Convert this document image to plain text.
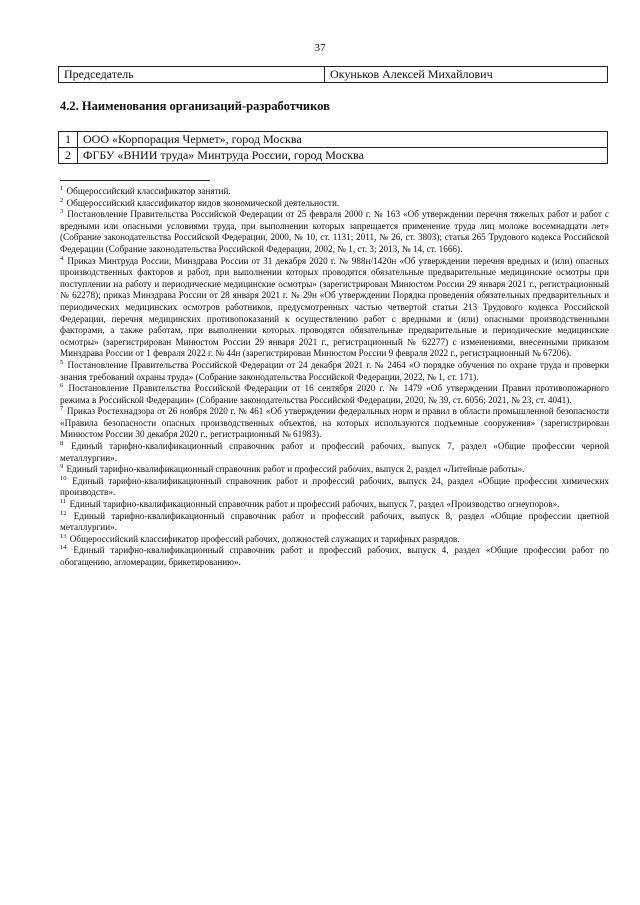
37
Председатель	Окуньков Алексей Михайлович
4.2. Наименования организаций-разработчиков
1	ООО «Корпорация Чермет», город Москва
2	ФГБУ «ВНИИ труда» Минтруда России, город Москва

$^1$ Общероссийский классификатор занятий.

$^2$ Общероссийский классификатор видов экономической деятельности.

$^3$ Постановление Правительства Российской Федерации от 25 февраля 2000 г. № 163 «Об утверждении перечня тяжелых работ и работ с вредными или опасными условиями труда, при выполнении которых запрещается применение труда лиц моложе восемнадцати лет» (Собрание законодательства Российской Федерации, 2000, № 10, ст. 1131; 2011, № 26, ст. 3803); статья 265 Трудового кодекса Российской Федерации (Собрание законодательства Российской Федерации, 2002, № 1, ст. 3; 2013, № 14, ст. 1666).

$^4$ Приказ Минтруда России, Минздрава России от 31 декабря 2020 г. № 988н/1420н «Об утверждении перечня вредных и (или) опасных производственных факторов и работ, при выполнении которых проводятся обязательные предварительные медицинские осмотры при поступлении на работу и периодические медицинские осмотры» (зарегистрирован Минюстом России 29 января 2021 г., регистрационный № 62278); приказ Минздрава России от 28 января 2021 г. № 29н «Об утверждении Порядка проведения обязательных предварительных и периодических медицинских осмотров работников, предусмотренных частью четвертой статьи 213 Трудового кодекса Российской Федерации, перечня медицинских противопоказаний к осуществлению работ с вредными и (или) опасными производственными факторами, а также работам, при выполнении которых проводятся обязательные предварительные и периодические медицинские осмотры» (зарегистрирован Минюстом России 29 января 2021 г., регистрационный № 62277) с изменениями, внесенными приказом Минздрава России от 1 февраля 2022 г. № 44н (зарегистрирован Минюстом России 9 февраля 2022 г., регистрационный № 67206).

$^5$ Постановление Правительства Российской Федерации от 24 декабря 2021 г. № 2464 «О порядке обучения по охране труда и проверки знания требований охраны труда» (Собрание законодательства Российской Федерации, 2022, № 1, ст. 171).

$^6$ Постановление Правительства Российской Федерации от 16 сентября 2020 г. № 1479 «Об утверждении Правил противопожарного режима в Российской Федерации» (Собрание законодательства Российской Федерации, 2020, № 39, ст. 6056; 2021, № 23, ст. 4041).

$^7$ Приказ Ростехнадзора от 26 ноября 2020 г. № 461 «Об утверждении федеральных норм и правил в области промышленной безопасности «Правила безопасности опасных производственных объектов, на которых используются подъемные сооружения» (зарегистрирован Минюстом России 30 декабря 2020 г., регистрационный № 61983).

$^8$ Единый тарифно-квалификационный справочник работ и профессий рабочих, выпуск 7, раздел «Общие профессии черной металлургии».

$^9$ Единый тарифно-квалификационный справочник работ и профессий рабочих, выпуск 2, раздел «Литейные работы».

$^{10}$ Единый тарифно-квалификационный справочник работ и профессий рабочих, выпуск 24, раздел «Общие профессии химических производств».

$^{11}$ Единый тарифно-квалификационный справочник работ и профессий рабочих, выпуск 7, раздел «Производство огнеупоров».

$^{12}$ Единый тарифно-квалификационный справочник работ и профессий рабочих, выпуск 8, раздел «Общие профессии цветной металлургии».

$^{13}$ Общероссийский классификатор профессий рабочих, должностей служащих и тарифных разрядов.

$^{14}$ Единый тарифно-квалификационный справочник работ и профессий рабочих, выпуск 4, раздел «Общие профессии работ по обогащению, агломерации, брикетированию».
